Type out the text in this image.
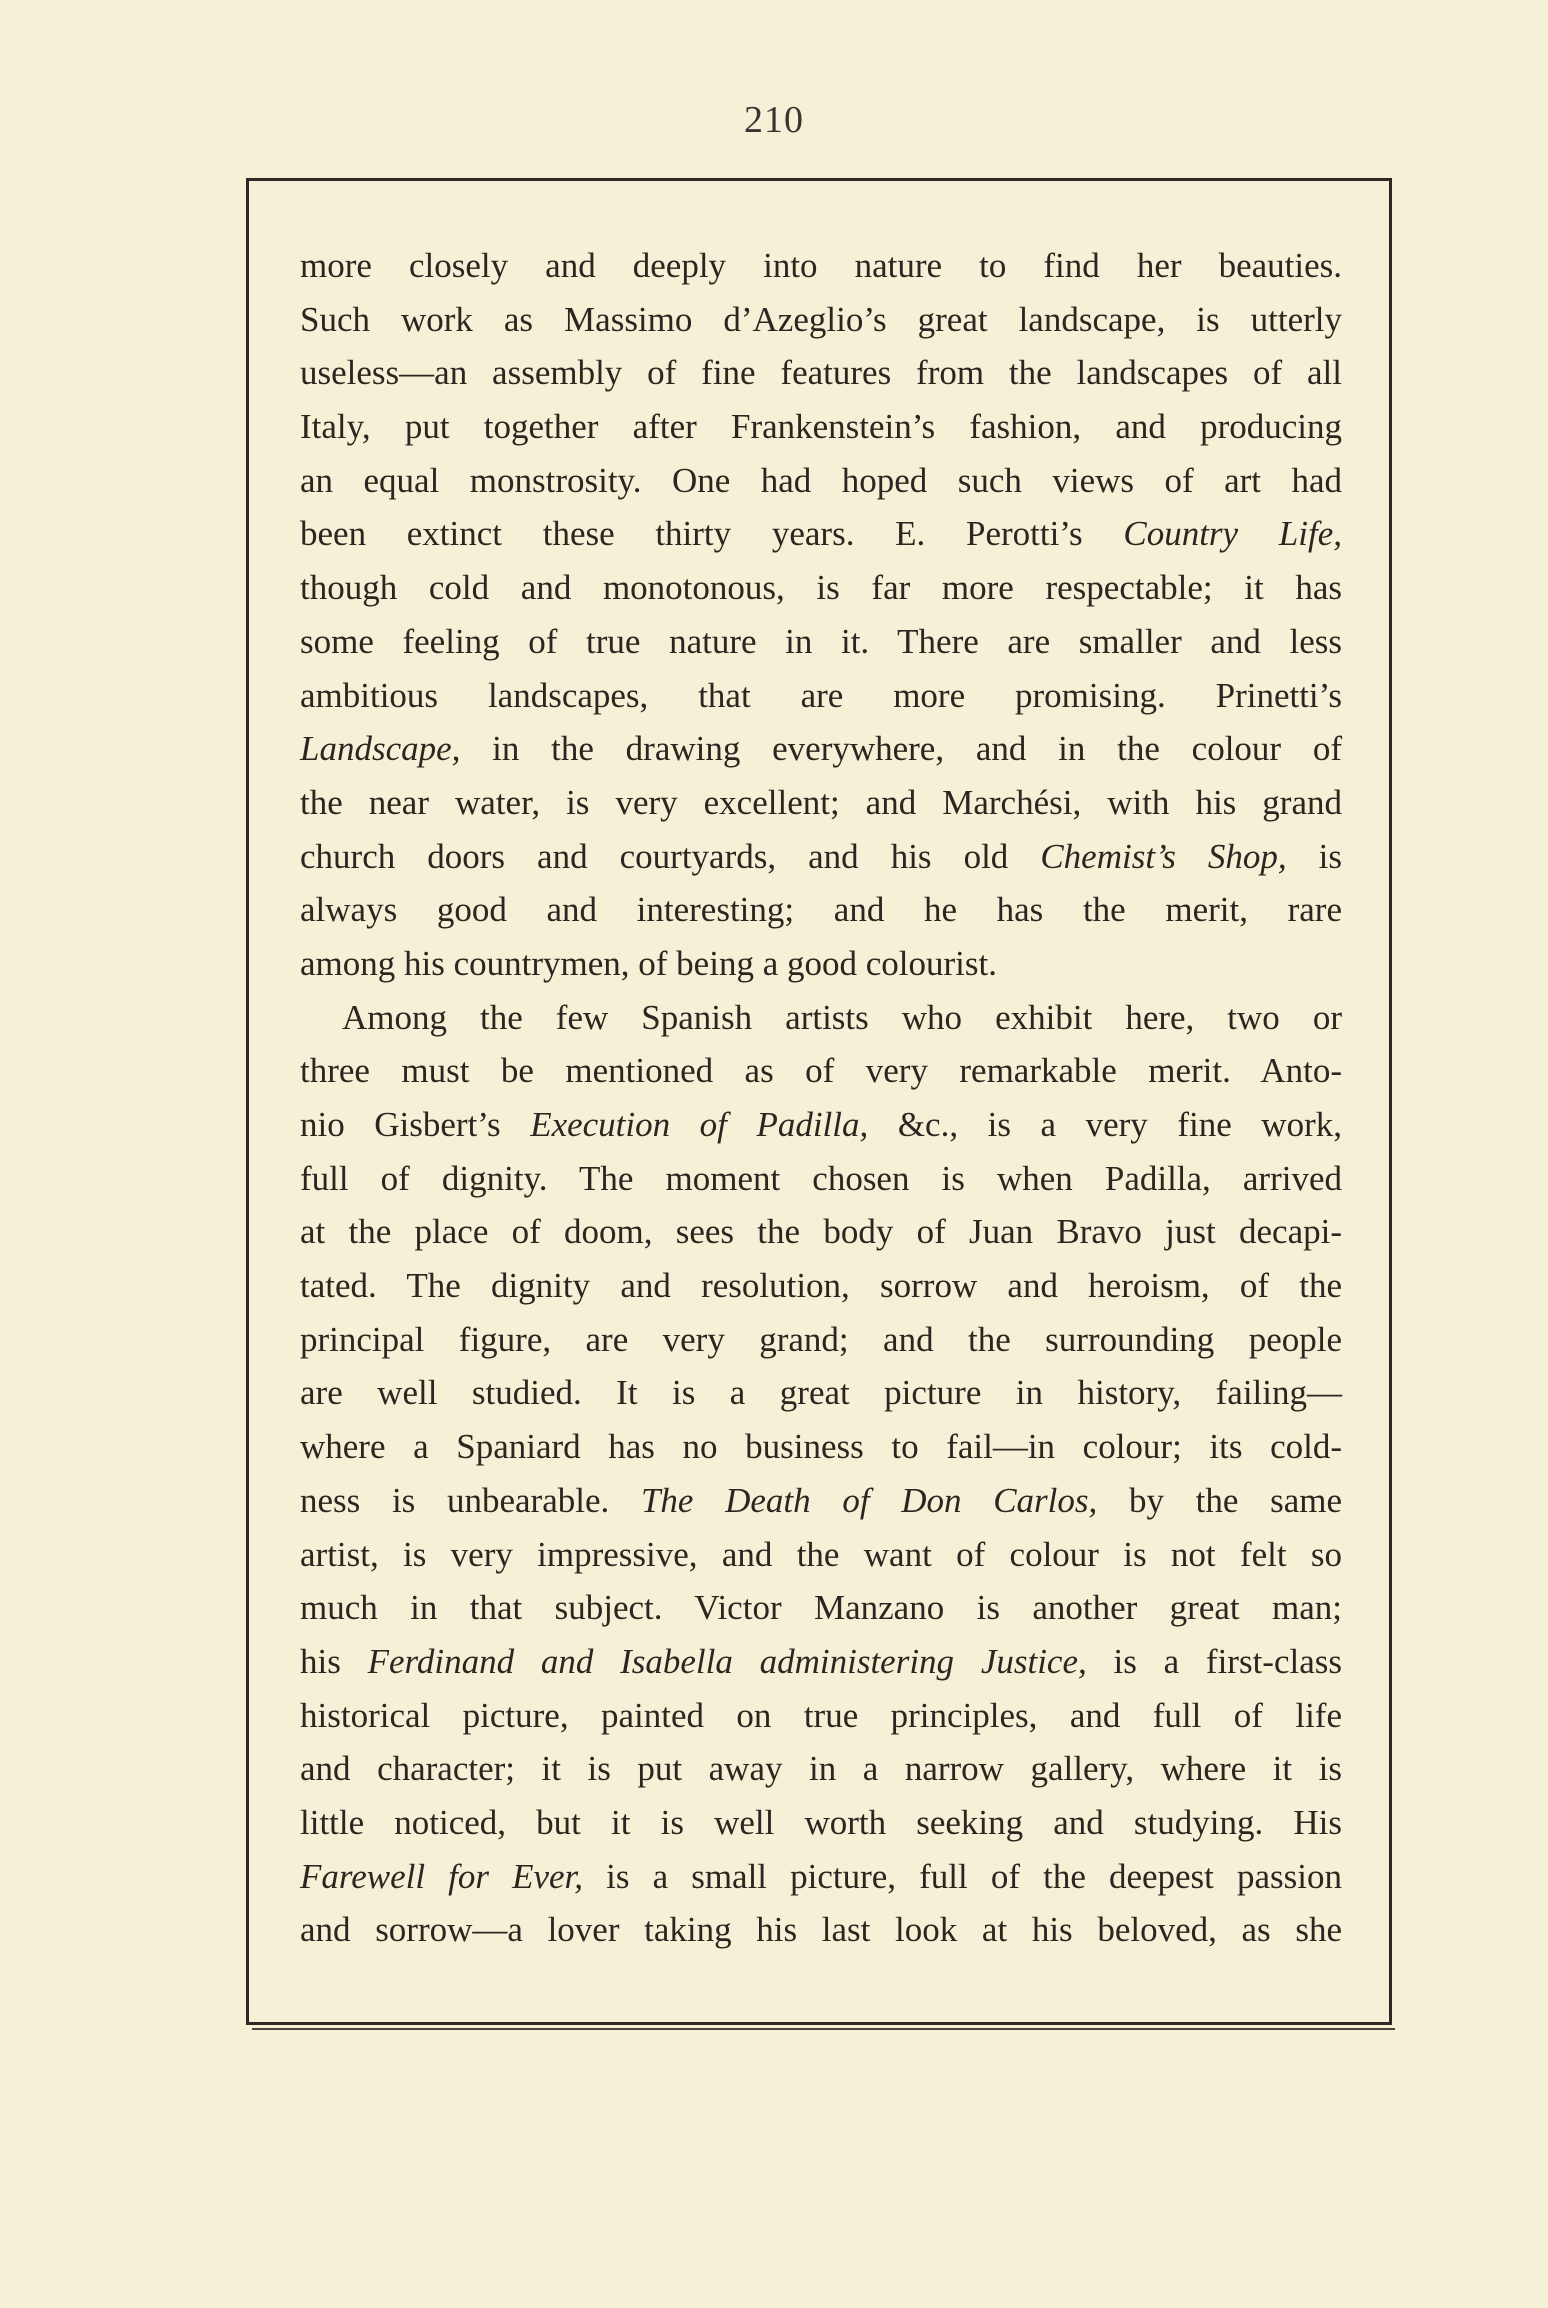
210
more closely and deeply into nature to find her beauties.
Such work as Massimo d’Azeglio’s great landscape, is utterly
useless—an assembly of fine features from the landscapes of all
Italy, put together after Frankenstein’s fashion, and producing
an equal monstrosity. One had hoped such views of art had
been extinct these thirty years. E. Perotti’s Country Life,
though cold and monotonous, is far more respectable; it has
some feeling of true nature in it. There are smaller and less
ambitious landscapes, that are more promising. Prinetti’s
Landscape, in the drawing everywhere, and in the colour of
the near water, is very excellent; and Marchési, with his grand
church doors and courtyards, and his old Chemist’s Shop, is
always good and interesting; and he has the merit, rare
among his countrymen, of being a good colourist.
Among the few Spanish artists who exhibit here, two or
three must be mentioned as of very remarkable merit. Anto-
nio Gisbert’s Execution of Padilla, &c., is a very fine work,
full of dignity. The moment chosen is when Padilla, arrived
at the place of doom, sees the body of Juan Bravo just decapi-
tated. The dignity and resolution, sorrow and heroism, of the
principal figure, are very grand; and the surrounding people
are well studied. It is a great picture in history, failing—
where a Spaniard has no business to fail—in colour; its cold-
ness is unbearable. The Death of Don Carlos, by the same
artist, is very impressive, and the want of colour is not felt so
much in that subject. Victor Manzano is another great man;
his Ferdinand and Isabella administering Justice, is a first-class
historical picture, painted on true principles, and full of life
and character; it is put away in a narrow gallery, where it is
little noticed, but it is well worth seeking and studying. His
Farewell for Ever, is a small picture, full of the deepest passion
and sorrow—a lover taking his last look at his beloved, as she
